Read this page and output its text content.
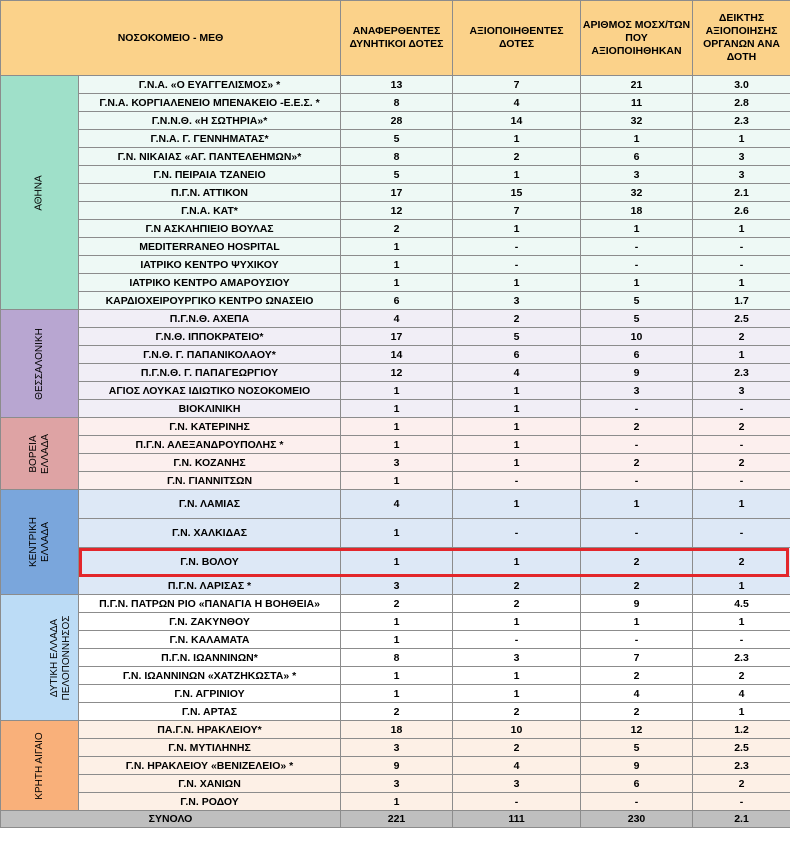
ΝΟΣΟΚΟΜΕΙΟ - ΜΕΘ		ΑΝΑΦΕΡΘΕΝΤΕΣ ΔΥΝΗΤΙΚΟΙ ΔΟΤΕΣ	ΑΞΙΟΠΟΙΗΘΕΝΤΕΣ ΔΟΤΕΣ	ΑΡΙΘΜΟΣ ΜΟΣΧ/ΤΩΝ ΠΟΥ ΑΞΙΟΠΟΙΗΘΗΚΑΝ	ΔΕΙΚΤΗΣ ΑΞΙΟΠΟΙΗΣΗΣ ΟΡΓΑΝΩΝ ΑΝΑ ΔΟΤΗ
ΑΘΗΝΑ	Γ.Ν.Α. «Ο ΕΥΑΓΓΕΛΙΣΜΟΣ» *	13	7	21	3.0
	Γ.Ν.Α. ΚΟΡΓΙΑΛΕΝΕΙΟ ΜΠΕΝΑΚΕΙΟ -Ε.Ε.Σ. *	8	4	11	2.8
	Γ.Ν.Ν.Θ. «Η ΣΩΤΗΡΙΑ»*	28	14	32	2.3
	Γ.Ν.Α. Γ. ΓΕΝΝΗΜΑΤΑΣ*	5	1	1	1
	Γ.Ν. ΝΙΚΑΙΑΣ «ΑΓ. ΠΑΝΤΕΛΕΗΜΩΝ»*	8	2	6	3
	Γ.Ν. ΠΕΙΡΑΙΑ ΤΖΑΝΕΙΟ	5	1	3	3
	Π.Γ.Ν. ΑΤΤΙΚΟΝ	17	15	32	2.1
	Γ.Ν.Α. ΚΑΤ*	12	7	18	2.6
	Γ.Ν ΑΣΚΛΗΠΙΕΙΟ ΒΟΥΛΑΣ	2	1	1	1
	MEDITERRANEO HOSPITAL	1	-	-	-
	ΙΑΤΡΙΚΟ ΚΕΝΤΡΟ ΨΥΧΙΚΟΥ	1	-	-	-
	ΙΑΤΡΙΚΟ ΚΕΝΤΡΟ ΑΜΑΡΟΥΣΙΟΥ	1	1	1	1
	ΚΑΡΔΙΟΧΕΙΡΟΥΡΓΙΚΟ ΚΕΝΤΡΟ ΩΝΑΣΕΙΟ	6	3	5	1.7
ΘΕΣΣΑΛΟΝΙΚΗ	Π.Γ.Ν.Θ. ΑΧΕΠΑ	4	2	5	2.5
	Γ.Ν.Θ. ΙΠΠΟΚΡΑΤΕΙΟ*	17	5	10	2
	Γ.Ν.Θ. Γ. ΠΑΠΑΝΙΚΟΛΑΟΥ*	14	6	6	1
	Π.Γ.Ν.Θ. Γ. ΠΑΠΑΓΕΩΡΓΙΟΥ	12	4	9	2.3
	ΑΓΙΟΣ ΛΟΥΚΑΣ ΙΔΙΩΤΙΚΟ ΝΟΣΟΚΟΜΕΙΟ	1	1	3	3
	ΒΙΟΚΛΙΝΙΚΗ	1	1	-	-
ΒΟΡΕΙΑ ΕΛΛΑΔΑ	Γ.Ν. ΚΑΤΕΡΙΝΗΣ	1	1	2	2
	Π.Γ.Ν. ΑΛΕΞΑΝΔΡΟΥΠΟΛΗΣ *	1	1	-	-
	Γ.Ν. ΚΟΖΑΝΗΣ	3	1	2	2
	Γ.Ν. ΓΙΑΝΝΙΤΣΩΝ	1	-	-	-
ΚΕΝΤΡΙΚΗ ΕΛΛΑΔΑ	Γ.Ν. ΛΑΜΙΑΣ	4	1	1	1
	Γ.Ν. ΧΑΛΚΙΔΑΣ	1	-	-	-
	Γ.Ν. ΒΟΛΟΥ	1	1	2	2
	Π.Γ.Ν. ΛΑΡΙΣΑΣ *	3	2	2	1
ΔΥΤΙΚΗ ΕΛΛΑΔΑ ΠΕΛΟΠΟΝΝΗΣΟΣ	Π.Γ.Ν. ΠΑΤΡΩΝ ΡΙΟ «ΠΑΝΑΓΙΑ Η ΒΟΗΘΕΙΑ»	2	2	9	4.5
	Γ.Ν. ΖΑΚΥΝΘΟΥ	1	1	1	1
	Γ.Ν. ΚΑΛΑΜΑΤΑ	1	-	-	-
	Π.Γ.Ν. ΙΩΑΝΝΙΝΩΝ*	8	3	7	2.3
	Γ.Ν. ΙΩΑΝΝΙΝΩΝ «ΧΑΤΖΗΚΩΣΤΑ» *	1	1	2	2
	Γ.Ν. ΑΓΡΙΝΙΟΥ	1	1	4	4
	Γ.Ν. ΑΡΤΑΣ	2	2	2	1
ΚΡΗΤΗ ΑΙΓΑΙΟ	ΠΑ.Γ.Ν. ΗΡΑΚΛΕΙΟΥ*	18	10	12	1.2
	Γ.Ν. ΜΥΤΙΛΗΝΗΣ	3	2	5	2.5
	Γ.Ν. ΗΡΑΚΛΕΙΟΥ «ΒΕΝΙΖΕΛΕΙΟ» *	9	4	9	2.3
	Γ.Ν. ΧΑΝΙΩΝ	3	3	6	2
	Γ.Ν. ΡΟΔΟΥ	1	-	-	-
ΣΥΝΟΛΟ		221	111	230	2.1
